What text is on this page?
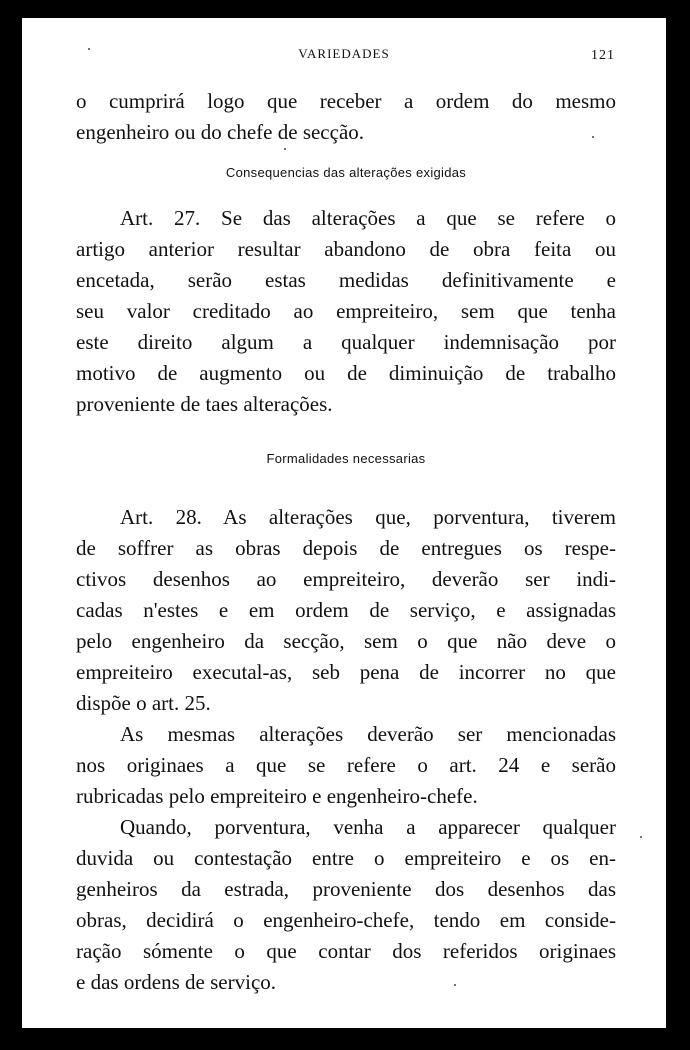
VARIEDADES	121

o cumprirá logo que receber a ordem do mesmo
engenheiro ou do chefe de secção.

Consequencias das alterações exigidas

Art. 27. Se das alterações a que se refere o
artigo anterior resultar abandono de obra feita ou
encetada, serão estas medidas definitivamente e
seu valor creditado ao empreiteiro, sem que tenha
este direito algum a qualquer indemnisação por
motivo de augmento ou de diminuição de trabalho
proveniente de taes alterações.

Formalidades necessarias

Art. 28. As alterações que, porventura, tiverem
de soffrer as obras depois de entregues os respe-
ctivos desenhos ao empreiteiro, deverão ser indi-
cadas n'estes e em ordem de serviço, e assignadas
pelo engenheiro da secção, sem o que não deve o
empreiteiro executal-as, seb pena de incorrer no que
dispõe o art. 25.

As mesmas alterações deverão ser mencionadas
nos originaes a que se refere o art. 24 e serão
rubricadas pelo empreiteiro e engenheiro-chefe.

Quando, porventura, venha a apparecer qualquer
duvida ou contestação entre o empreiteiro e os en-
genheiros da estrada, proveniente dos desenhos das
obras, decidirá o engenheiro-chefe, tendo em conside-
ração sómente o que contar dos referidos originaes
e das ordens de serviço.
